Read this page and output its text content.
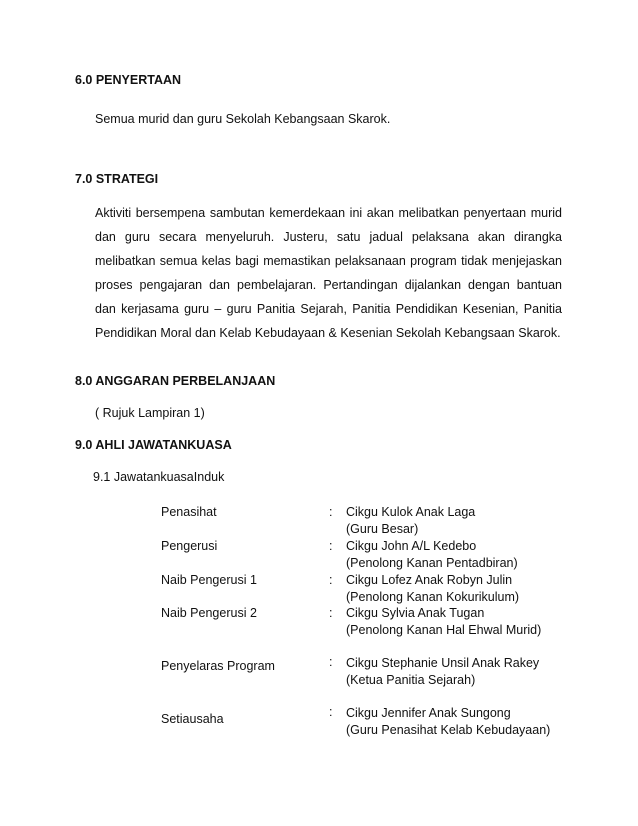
6.0 PENYERTAAN
Semua murid dan guru Sekolah Kebangsaan Skarok.
7.0 STRATEGI
Aktiviti bersempena sambutan kemerdekaan ini akan melibatkan penyertaan murid
dan guru secara menyeluruh. Justeru, satu jadual pelaksana akan dirangka
melibatkan semua kelas bagi memastikan pelaksanaan program tidak menjejaskan
proses pengajaran dan pembelajaran. Pertandingan dijalankan dengan bantuan
dan kerjasama guru – guru Panitia Sejarah, Panitia Pendidikan Kesenian, Panitia
Pendidikan Moral dan Kelab Kebudayaan & Kesenian Sekolah Kebangsaan Skarok.
8.0 ANGGARAN PERBELANJAAN
( Rujuk Lampiran 1)
9.0 AHLI JAWATANKUASA
9.1 JawatankuasaInduk
Penasihat	: Cikgu Kulok Anak Laga
(Guru Besar)
Pengerusi	: Cikgu John A/L Kedebo
(Penolong Kanan Pentadbiran)
Naib Pengerusi 1	: Cikgu Lofez Anak Robyn Julin
(Penolong Kanan Kokurikulum)
Naib Pengerusi 2	: Cikgu Sylvia Anak Tugan
(Penolong Kanan Hal Ehwal Murid)
Penyelaras Program	: Cikgu Stephanie Unsil Anak Rakey
(Ketua Panitia Sejarah)
Setiausaha	: Cikgu Jennifer Anak Sungong
(Guru Penasihat Kelab Kebudayaan)
